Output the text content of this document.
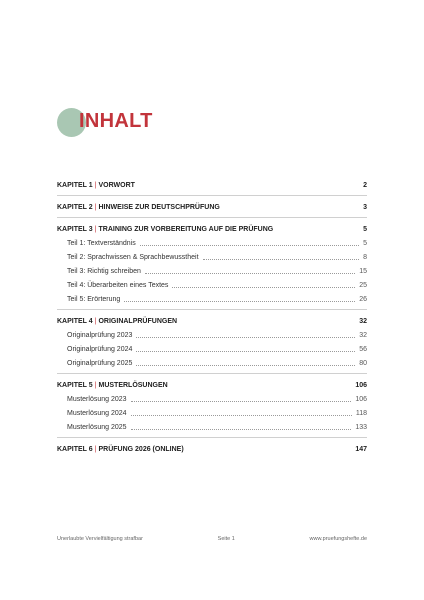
INHALT
KAPITEL 1 | VORWORT	2
KAPITEL 2 | HINWEISE ZUR DEUTSCHPRÜFUNG	3
KAPITEL 3 | TRAINING ZUR VORBEREITUNG AUF DIE PRÜFUNG	5
Teil 1: Textverständnis	5
Teil 2: Sprachwissen & Sprachbewusstheit	8
Teil 3: Richtig schreiben	15
Teil 4: Überarbeiten eines Textes	25
Teil 5: Erörterung	26
KAPITEL 4 | ORIGINALPRÜFUNGEN	32
Originalprüfung 2023	32
Originalprüfung 2024	56
Originalprüfung 2025	80
KAPITEL 5 | MUSTERLÖSUNGEN	106
Musterlösung 2023	106
Musterlösung 2024	118
Musterlösung 2025	133
KAPITEL 6 | PRÜFUNG 2026 (ONLINE)	147
Unerlaubte Vervielfältigung strafbar	Seite 1	www.pruefungshefte.de
